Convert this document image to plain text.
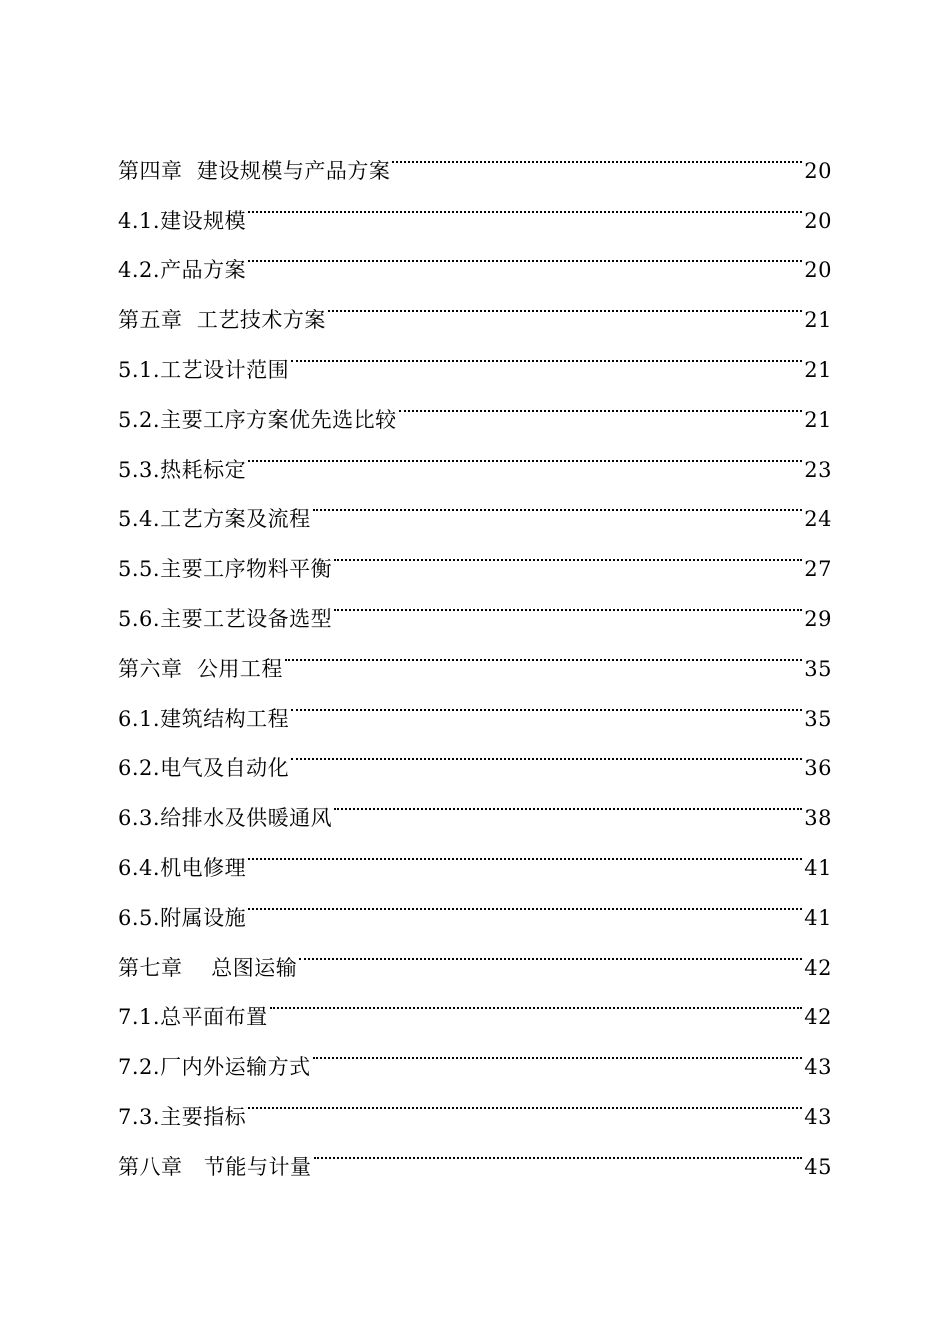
第四章  建设规模与产品方案	20
4.1.建设规模	20
4.2.产品方案	20
第五章  工艺技术方案	21
5.1.工艺设计范围	21
5.2.主要工序方案优先选比较	21
5.3.热耗标定	23
5.4.工艺方案及流程	24
5.5.主要工序物料平衡	27
5.6.主要工艺设备选型	29
第六章  公用工程	35
6.1.建筑结构工程	35
6.2.电气及自动化	36
6.3.给排水及供暖通风	38
6.4.机电修理	41
6.5.附属设施	41
第七章    总图运输	42
7.1.总平面布置	42
7.2.厂内外运输方式	43
7.3.主要指标	43
第八章   节能与计量	45
